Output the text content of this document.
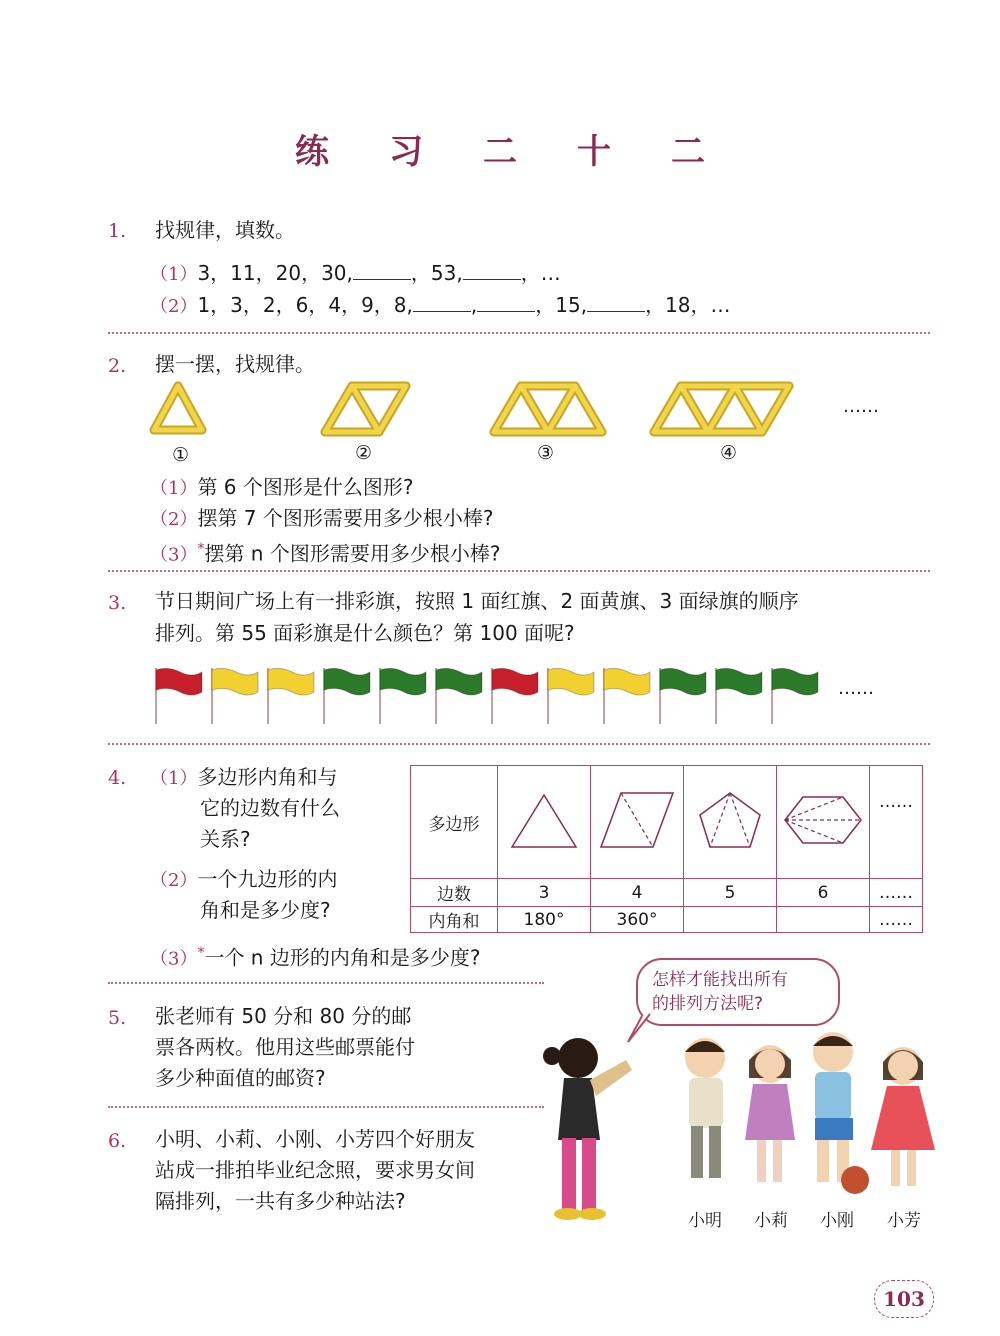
练 习 二 十 二
1. 找规律，填数。
（1）3，11，20，30,	，53,	，…
（2）1，3，2，6，4，9，8,	,	，15,	，18，…
2. 摆一摆，找规律。
……
①	②	③	④
（1）第 6 个图形是什么图形?
（2）摆第 7 个图形需要用多少根小棒?
（3）*摆第 n 个图形需要用多少根小棒?
3. 节日期间广场上有一排彩旗，按照 1 面红旗、2 面黄旗、3 面绿旗的顺序
排列。第 55 面彩旗是什么颜色？第 100 面呢?
……
4. （1）多边形内角和与
它的边数有什么
关系?
（2）一个九边形的内
角和是多少度?
（3）*一个 n 边形的内角和是多少度?
多边形					……
边数	3	4	5	6	……
内角和	180°	360°			……
怎样才能找出所有
的排列方法呢?
5. 张老师有 50 分和 80 分的邮
票各两枚。他用这些邮票能付
多少种面值的邮资?
6. 小明、小莉、小刚、小芳四个好朋友
站成一排拍毕业纪念照，要求男女间
隔排列，一共有多少种站法?
小明 小莉 小刚 小芳
103
